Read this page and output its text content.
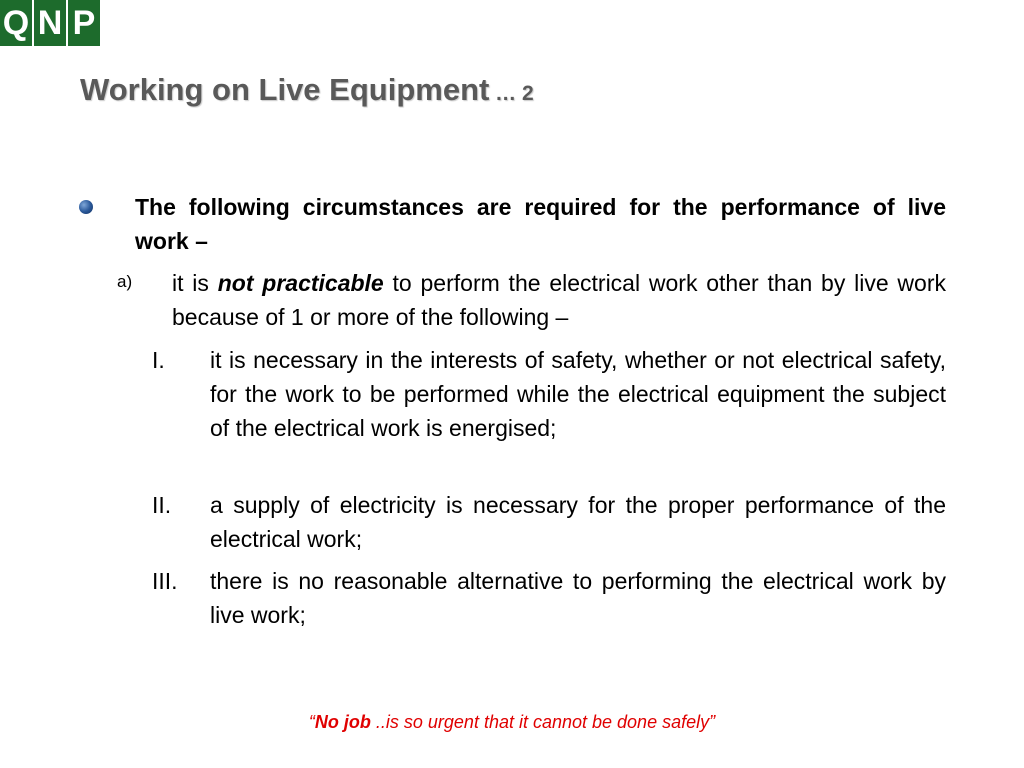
Q N P
Working on Live Equipment … 2
The following circumstances are required for the performance of live work –
a) it is not practicable to perform the electrical work other than by live work because of 1 or more of the following –
I. it is necessary in the interests of safety, whether or not electrical safety, for the work to be performed while the electrical equipment the subject of the electrical work is energised;
II. a supply of electricity is necessary for the proper performance of the electrical work;
III. there is no reasonable alternative to performing the electrical work by live work;
“No job ..is so urgent that it cannot be done safely”
